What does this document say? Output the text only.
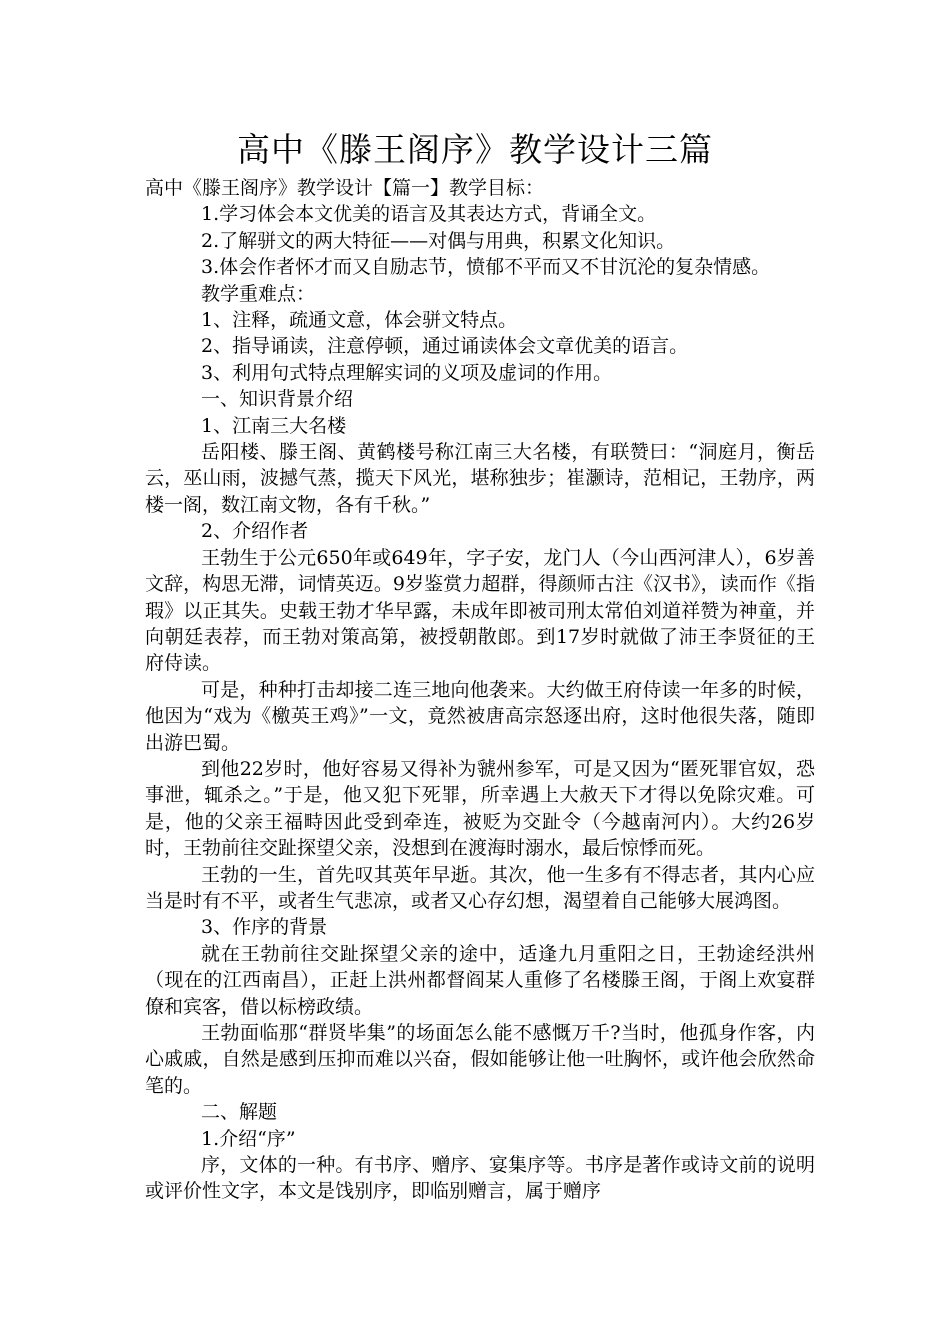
高中《滕王阁序》教学设计三篇

高中《滕王阁序》教学设计【篇一】教学目标：

1.学习体会本文优美的语言及其表达方式，背诵全文。

2.了解骈文的两大特征——对偶与用典，积累文化知识。

3.体会作者怀才而又自励志节，愤郁不平而又不甘沉沦的复杂情感。

教学重难点：

1、注释，疏通文意，体会骈文特点。

2、指导诵读，注意停顿，通过诵读体会文章优美的语言。

3、利用句式特点理解实词的义项及虚词的作用。

一、知识背景介绍

1、江南三大名楼

岳阳楼、滕王阁、黄鹤楼号称江南三大名楼，有联赞曰：“洞庭月，衡岳云，巫山雨，波撼气蒸，揽天下风光，堪称独步；崔灏诗，范相记，王勃序，两楼一阁，数江南文物，各有千秋。”

2、介绍作者

王勃生于公元650年或649年，字子安，龙门人（今山西河津人），6岁善文辞，构思无滞，词情英迈。9岁鉴赏力超群，得颜师古注《汉书》，读而作《指瑕》以正其失。史载王勃才华早露，未成年即被司刑太常伯刘道祥赞为神童，并向朝廷表荐，而王勃对策高第，被授朝散郎。到17岁时就做了沛王李贤征的王府侍读。

可是，种种打击却接二连三地向他袭来。大约做王府侍读一年多的时候，他因为“戏为《檄英王鸡》”一文，竟然被唐高宗怒逐出府，这时他很失落，随即出游巴蜀。

到他22岁时，他好容易又得补为虢州参军，可是又因为“匿死罪官奴，恐事泄，辄杀之。”于是，他又犯下死罪，所幸遇上大赦天下才得以免除灾难。可是，他的父亲王福畤因此受到牵连，被贬为交趾令（今越南河内）。大约26岁时，王勃前往交趾探望父亲，没想到在渡海时溺水，最后惊悸而死。

王勃的一生，首先叹其英年早逝。其次，他一生多有不得志者，其内心应当是时有不平，或者生气悲凉，或者又心存幻想，渴望着自己能够大展鸿图。

3、作序的背景

就在王勃前往交趾探望父亲的途中，适逢九月重阳之日，王勃途经洪州（现在的江西南昌），正赶上洪州都督阎某人重修了名楼滕王阁，于阁上欢宴群僚和宾客，借以标榜政绩。

王勃面临那“群贤毕集”的场面怎么能不感慨万千?当时，他孤身作客，内心戚戚，自然是感到压抑而难以兴奋，假如能够让他一吐胸怀，或许他会欣然命笔的。

二、解题

1.介绍“序”

序，文体的一种。有书序、赠序、宴集序等。书序是著作或诗文前的说明或评价性文字，本文是饯别序，即临别赠言，属于赠序
